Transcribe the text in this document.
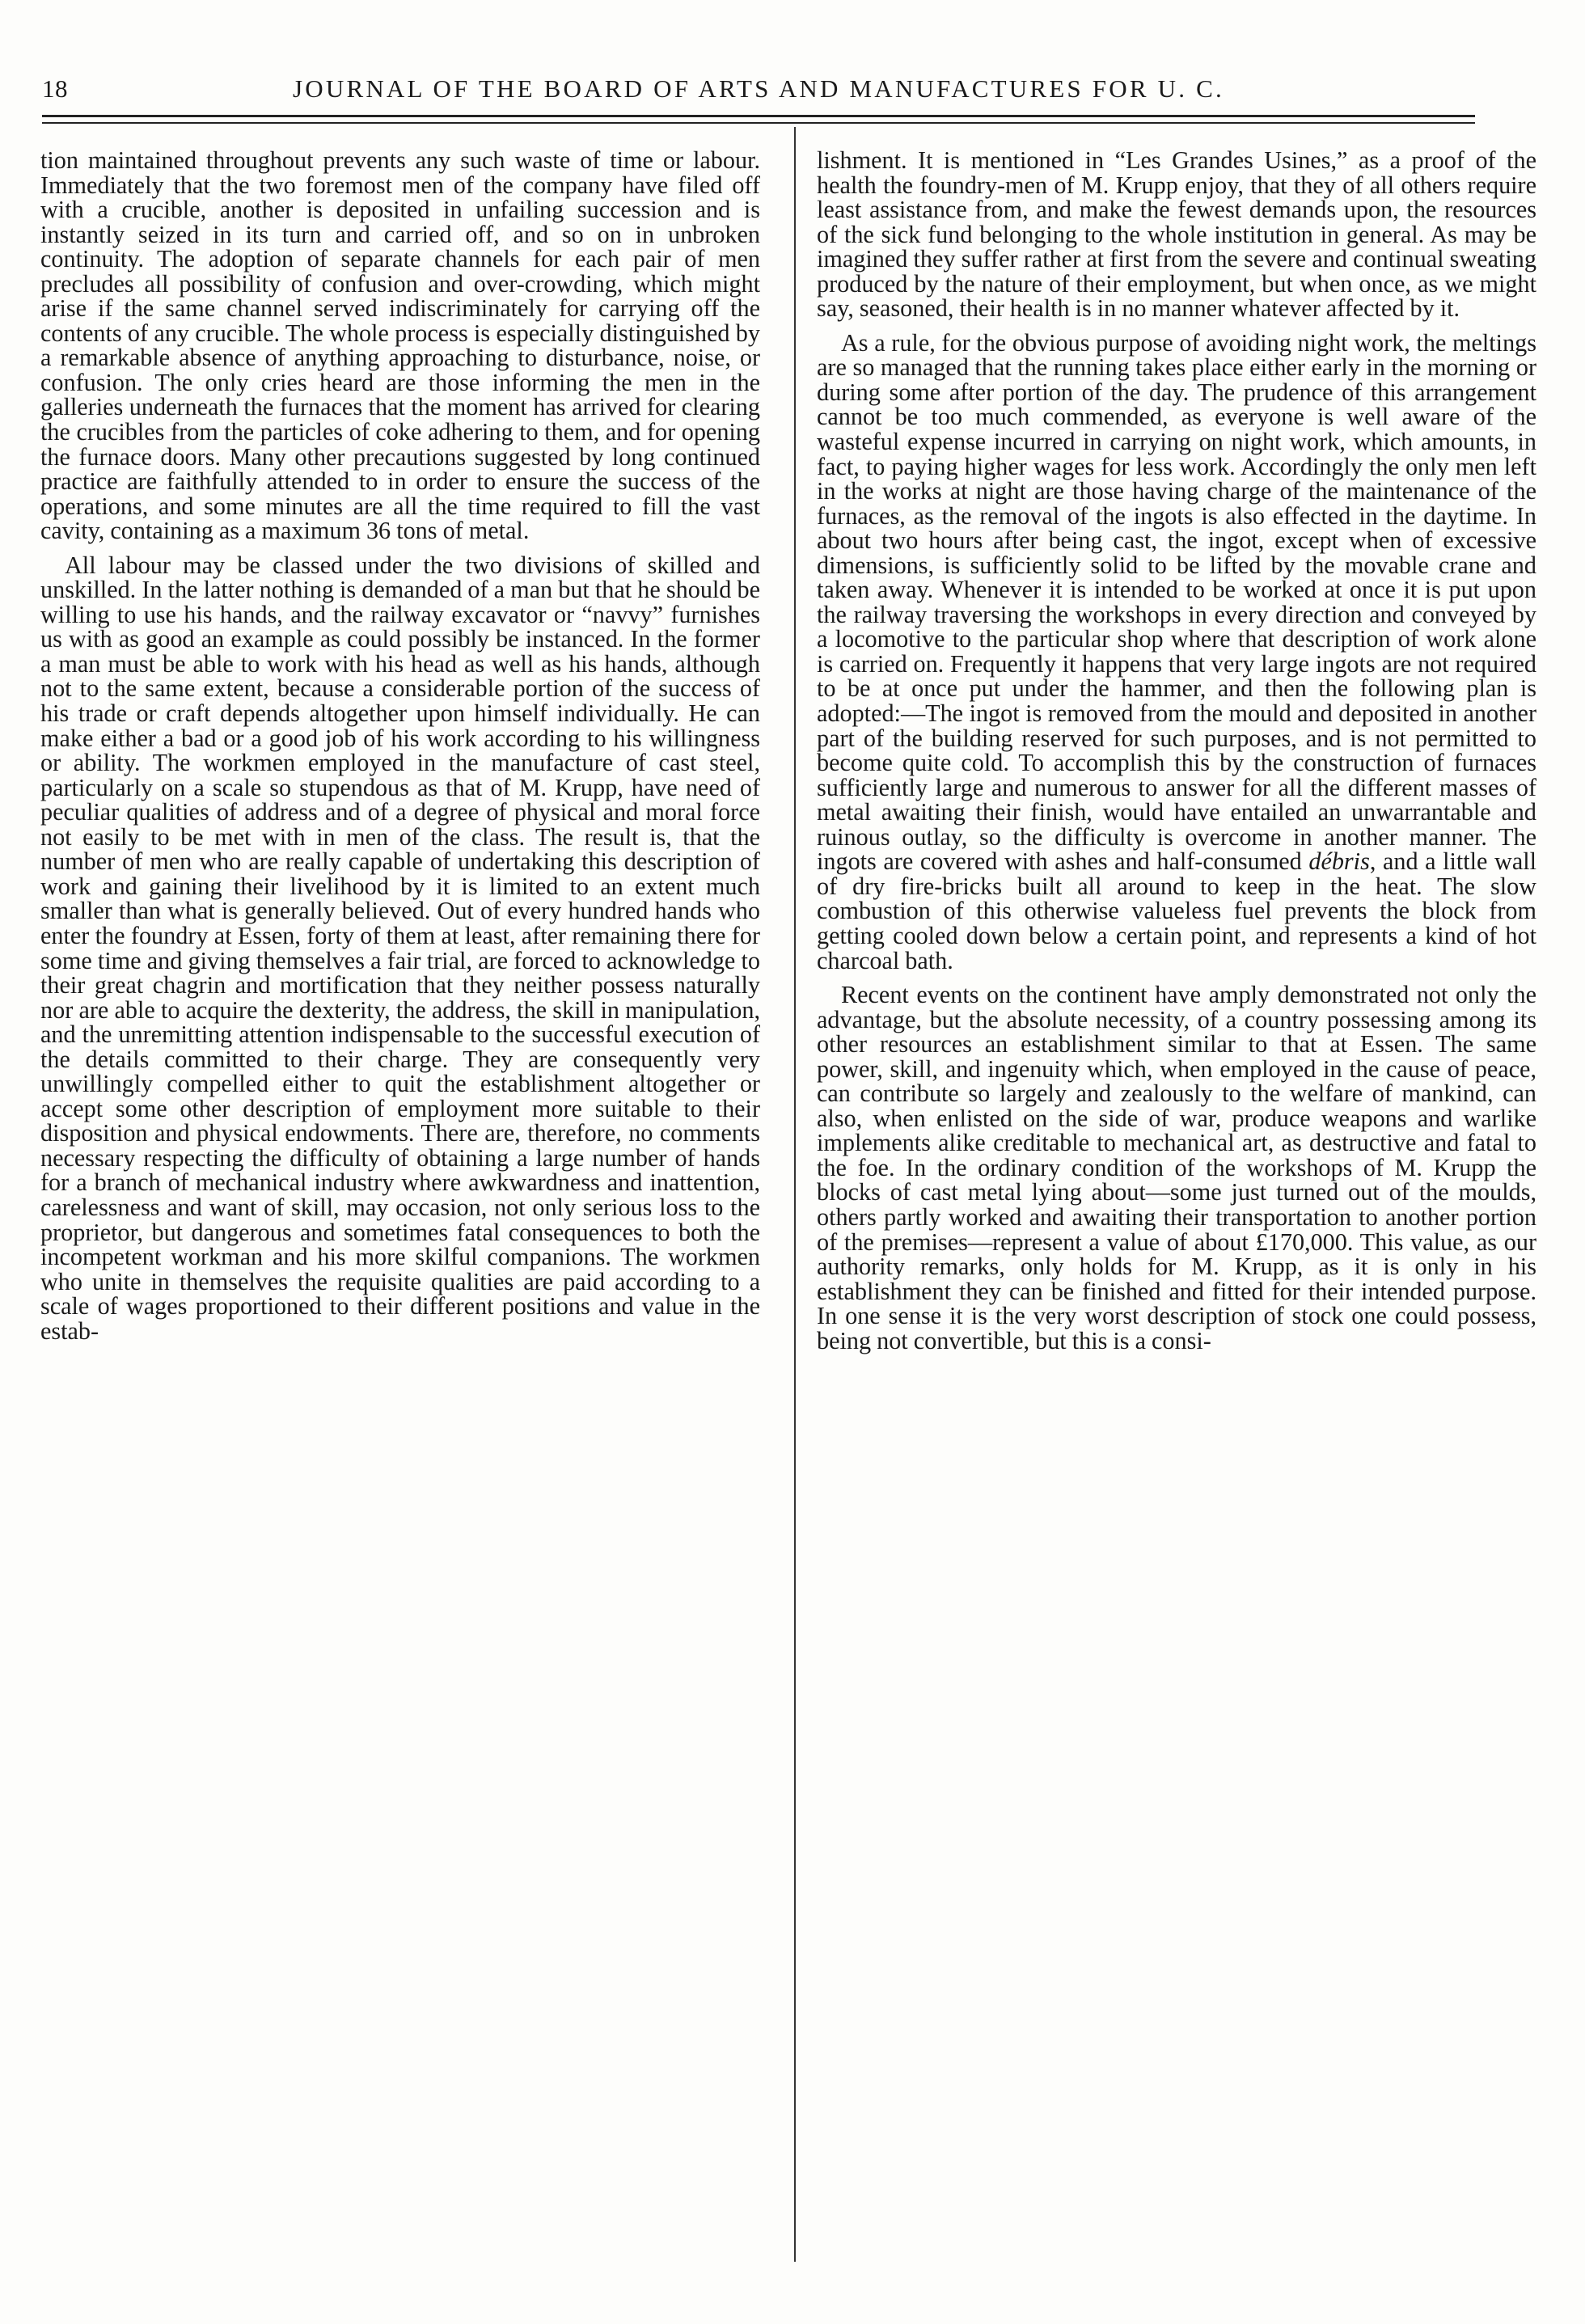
18	JOURNAL OF THE BOARD OF ARTS AND MANUFACTURES FOR U. C.

tion maintained throughout prevents any such waste of time or labour. Immediately that the two foremost men of the company have filed off with a crucible, another is deposited in unfailing succession and is instantly seized in its turn and carried off, and so on in unbroken continuity. The adoption of separate channels for each pair of men precludes all possibility of confusion and over-crowding, which might arise if the same channel served indiscriminately for carrying off the contents of any crucible. The whole process is especially distinguished by a remarkable absence of anything approaching to disturbance, noise, or confusion. The only cries heard are those informing the men in the galleries underneath the furnaces that the moment has arrived for clearing the crucibles from the particles of coke adhering to them, and for opening the furnace doors. Many other precautions suggested by long continued practice are faithfully attended to in order to ensure the success of the operations, and some minutes are all the time required to fill the vast cavity, containing as a maximum 36 tons of metal.

All labour may be classed under the two divisions of skilled and unskilled. In the latter nothing is demanded of a man but that he should be willing to use his hands, and the railway excavator or “navvy” furnishes us with as good an example as could possibly be instanced. In the former a man must be able to work with his head as well as his hands, although not to the same extent, because a considerable portion of the success of his trade or craft depends altogether upon himself individually. He can make either a bad or a good job of his work according to his willingness or ability. The workmen employed in the manufacture of cast steel, particularly on a scale so stupendous as that of M. Krupp, have need of peculiar qualities of address and of a degree of physical and moral force not easily to be met with in men of the class. The result is, that the number of men who are really capable of undertaking this description of work and gaining their livelihood by it is limited to an extent much smaller than what is generally believed. Out of every hundred hands who enter the foundry at Essen, forty of them at least, after remaining there for some time and giving themselves a fair trial, are forced to acknowledge to their great chagrin and mortification that they neither possess naturally nor are able to acquire the dexterity, the address, the skill in manipulation, and the unremitting attention indispensable to the successful execution of the details committed to their charge. They are consequently very unwillingly compelled either to quit the establishment altogether or accept some other description of employment more suitable to their disposition and physical endowments. There are, therefore, no comments necessary respecting the difficulty of obtaining a large number of hands for a branch of mechanical industry where awkwardness and inattention, carelessness and want of skill, may occasion, not only serious loss to the proprietor, but dangerous and sometimes fatal consequences to both the incompetent workman and his more skilful companions. The workmen who unite in themselves the requisite qualities are paid according to a scale of wages proportioned to their different positions and value in the estab-

lishment. It is mentioned in “Les Grandes Usines,” as a proof of the health the foundry-men of M. Krupp enjoy, that they of all others require least assistance from, and make the fewest demands upon, the resources of the sick fund belonging to the whole institution in general. As may be imagined they suffer rather at first from the severe and continual sweating produced by the nature of their employment, but when once, as we might say, seasoned, their health is in no manner whatever affected by it.

As a rule, for the obvious purpose of avoiding night work, the meltings are so managed that the running takes place either early in the morning or during some after portion of the day. The prudence of this arrangement cannot be too much commended, as everyone is well aware of the wasteful expense incurred in carrying on night work, which amounts, in fact, to paying higher wages for less work. Accordingly the only men left in the works at night are those having charge of the maintenance of the furnaces, as the removal of the ingots is also effected in the daytime. In about two hours after being cast, the ingot, except when of excessive dimensions, is sufficiently solid to be lifted by the movable crane and taken away. Whenever it is intended to be worked at once it is put upon the railway traversing the workshops in every direction and conveyed by a locomotive to the particular shop where that description of work alone is carried on. Frequently it happens that very large ingots are not required to be at once put under the hammer, and then the following plan is adopted:—The ingot is removed from the mould and deposited in another part of the building reserved for such purposes, and is not permitted to become quite cold. To accomplish this by the construction of furnaces sufficiently large and numerous to answer for all the different masses of metal awaiting their finish, would have entailed an unwarrantable and ruinous outlay, so the difficulty is overcome in another manner. The ingots are covered with ashes and half-consumed débris, and a little wall of dry fire-bricks built all around to keep in the heat. The slow combustion of this otherwise valueless fuel prevents the block from getting cooled down below a certain point, and represents a kind of hot charcoal bath.

Recent events on the continent have amply demonstrated not only the advantage, but the absolute necessity, of a country possessing among its other resources an establishment similar to that at Essen. The same power, skill, and ingenuity which, when employed in the cause of peace, can contribute so largely and zealously to the welfare of mankind, can also, when enlisted on the side of war, produce weapons and warlike implements alike creditable to mechanical art, as destructive and fatal to the foe. In the ordinary condition of the workshops of M. Krupp the blocks of cast metal lying about—some just turned out of the moulds, others partly worked and awaiting their transportation to another portion of the premises—represent a value of about £170,000. This value, as our authority remarks, only holds for M. Krupp, as it is only in his establishment they can be finished and fitted for their intended purpose. In one sense it is the very worst description of stock one could possess, being not convertible, but this is a consi-
